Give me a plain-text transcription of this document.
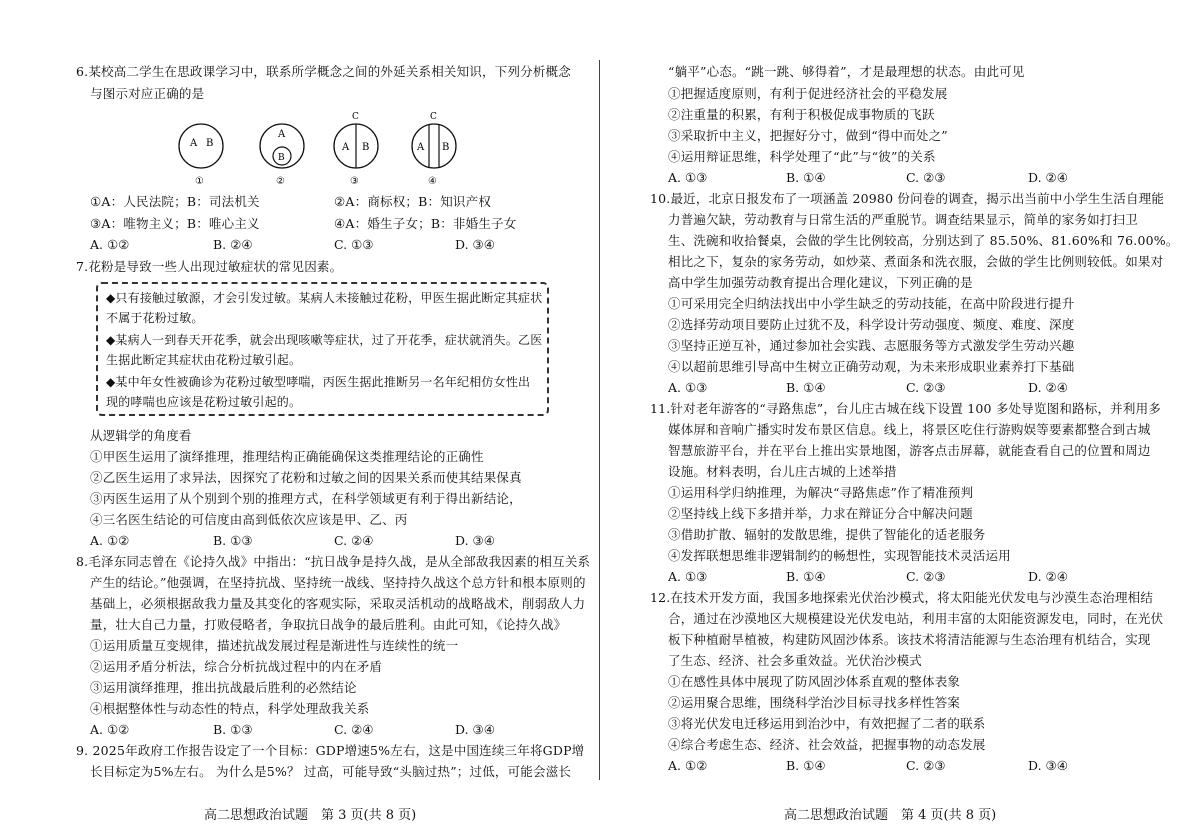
6.某校高二学生在思政课学习中，联系所学概念之间的外延关系相关知识，下列分析概念
与图示对应正确的是
A B
A
B
C
A B
C
A B
①	②	③	④
①A：人民法院；B：司法机关	②A：商标权；B：知识产权
③A：唯物主义；B：唯心主义	④A：婚生子女；B：非婚生子女
A. ①②	B. ②④	C. ①③	D. ③④
7.花粉是导致一些人出现过敏症状的常见因素。
◆只有接触过敏源，才会引发过敏。某病人未接触过花粉，甲医生据此断定其症状
不属于花粉过敏。
◆某病人一到春天开花季，就会出现咳嗽等症状，过了开花季，症状就消失。乙医
生据此断定其症状由花粉过敏引起。
◆某中年女性被确诊为花粉过敏型哮喘，丙医生据此推断另一名年纪相仿女性出
现的哮喘也应该是花粉过敏引起的。
从逻辑学的角度看
①甲医生运用了演绎推理，推理结构正确能确保这类推理结论的正确性
②乙医生运用了求异法，因探究了花粉和过敏之间的因果关系而使其结果保真
③丙医生运用了从个别到个别的推理方式，在科学领域更有利于得出新结论，
④三名医生结论的可信度由高到低依次应该是甲、乙、丙
A. ①②	B. ①③	C. ②④	D. ③④
8.毛泽东同志曾在《论持久战》中指出：“抗日战争是持久战，是从全部敌我因素的相互关系
产生的结论。”他强调，在坚持抗战、坚持统一战线、坚持持久战这个总方针和根本原则的
基础上，必须根据敌我力量及其变化的客观实际，采取灵活机动的战略战术，削弱敌人力
量，壮大自己力量，打败侵略者，争取抗日战争的最后胜利。由此可知，《论持久战》
①运用质量互变规律，描述抗战发展过程是渐进性与连续性的统一
②运用矛盾分析法，综合分析抗战过程中的内在矛盾
③运用演绎推理，推出抗战最后胜利的必然结论
④根据整体性与动态性的特点，科学处理敌我关系
A. ①②	B. ①③	C. ②④	D. ③④
9. 2025年政府工作报告设定了一个目标：GDP增速5%左右，这是中国连续三年将GDP增
长目标定为5%左右。 为什么是5%？ 过高，可能导致“头脑过热”；过低，可能会滋长
高二思想政治试题　第 3 页(共 8 页)
“躺平”心态。“跳一跳、够得着”，才是最理想的状态。由此可见
①把握适度原则，有利于促进经济社会的平稳发展
②注重量的积累，有利于积极促成事物质的飞跃
③采取折中主义，把握好分寸，做到“得中而处之”
④运用辩证思维，科学处理了“此”与“彼”的关系
A. ①③	B. ①④	C. ②③	D. ②④
10.最近，北京日报发布了一项涵盖 20980 份问卷的调查，揭示出当前中小学生生活自理能
力普遍欠缺，劳动教育与日常生活的严重脱节。调查结果显示，简单的家务如打扫卫
生、洗碗和收拾餐桌，会做的学生比例较高，分别达到了 85.50%、81.60%和 76.00%。
相比之下，复杂的家务劳动，如炒菜、煮面条和洗衣服，会做的学生比例则较低。如果对
高中学生加强劳动教育提出合理化建议，下列正确的是
①可采用完全归纳法找出中小学生缺乏的劳动技能，在高中阶段进行提升
②选择劳动项目要防止过犹不及，科学设计劳动强度、频度、难度、深度
③坚持正逆互补，通过参加社会实践、志愿服务等方式激发学生劳动兴趣
④以超前思维引导高中生树立正确劳动观，为未来形成职业素养打下基础
A. ①③	B. ①④	C. ②③	D. ②④
11.针对老年游客的“寻路焦虑”，台儿庄古城在线下设置 100 多处导览图和路标，并利用多
媒体屏和音响广播实时发布景区信息。线上，将景区吃住行游购娱等要素都整合到古城
智慧旅游平台，并在平台上推出实景地图，游客点击屏幕，就能查看自己的位置和周边
设施。材料表明，台儿庄古城的上述举措
①运用科学归纳推理，为解决“寻路焦虑”作了精准预判
②坚持线上线下多措并举，力求在辩证分合中解决问题
③借助扩散、辐射的发散思维，提供了智能化的适老服务
④发挥联想思维非逻辑制约的畅想性，实现智能技术灵活运用
A. ①③	B. ①④	C. ②③	D. ②④
12.在技术开发方面，我国多地探索光伏治沙模式，将太阳能光伏发电与沙漠生态治理相结
合，通过在沙漠地区大规模建设光伏发电站，利用丰富的太阳能资源发电，同时，在光伏
板下种植耐旱植被，构建防风固沙体系。该技术将清洁能源与生态治理有机结合，实现
了生态、经济、社会多重效益。光伏治沙模式
①在感性具体中展现了防风固沙体系直观的整体表象
②运用聚合思维，围绕科学治沙目标寻找多样性答案
③将光伏发电迁移运用到治沙中，有效把握了二者的联系
④综合考虑生态、经济、社会效益，把握事物的动态发展
A. ①②	B. ①④	C. ②③	D. ③④
高二思想政治试题　第 4 页(共 8 页)
